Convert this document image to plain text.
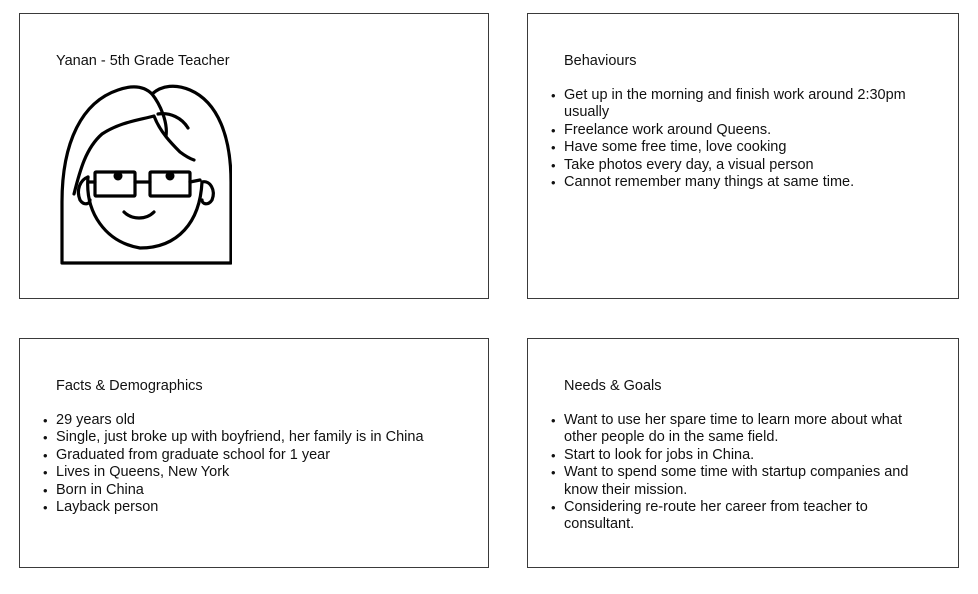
Yanan - 5th Grade Teacher	Behaviours
• Get up in the morning and finish work around 2:30pm usually
• Freelance work around Queens.
• Have some free time, love cooking
• Take photos every day, a visual person
• Cannot remember many things at same time.
Facts & Demographics
• 29 years old
• Single, just broke up with boyfriend, her family is in China
• Graduated from graduate school for 1 year
• Lives in Queens, New York
• Born in China
• Layback person
Needs & Goals
• Want to use her spare time to learn more about what other people do in the same field.
• Start to look for jobs in China.
• Want to spend some time with startup companies and know their mission.
• Considering re-route her career from teacher to consultant.
